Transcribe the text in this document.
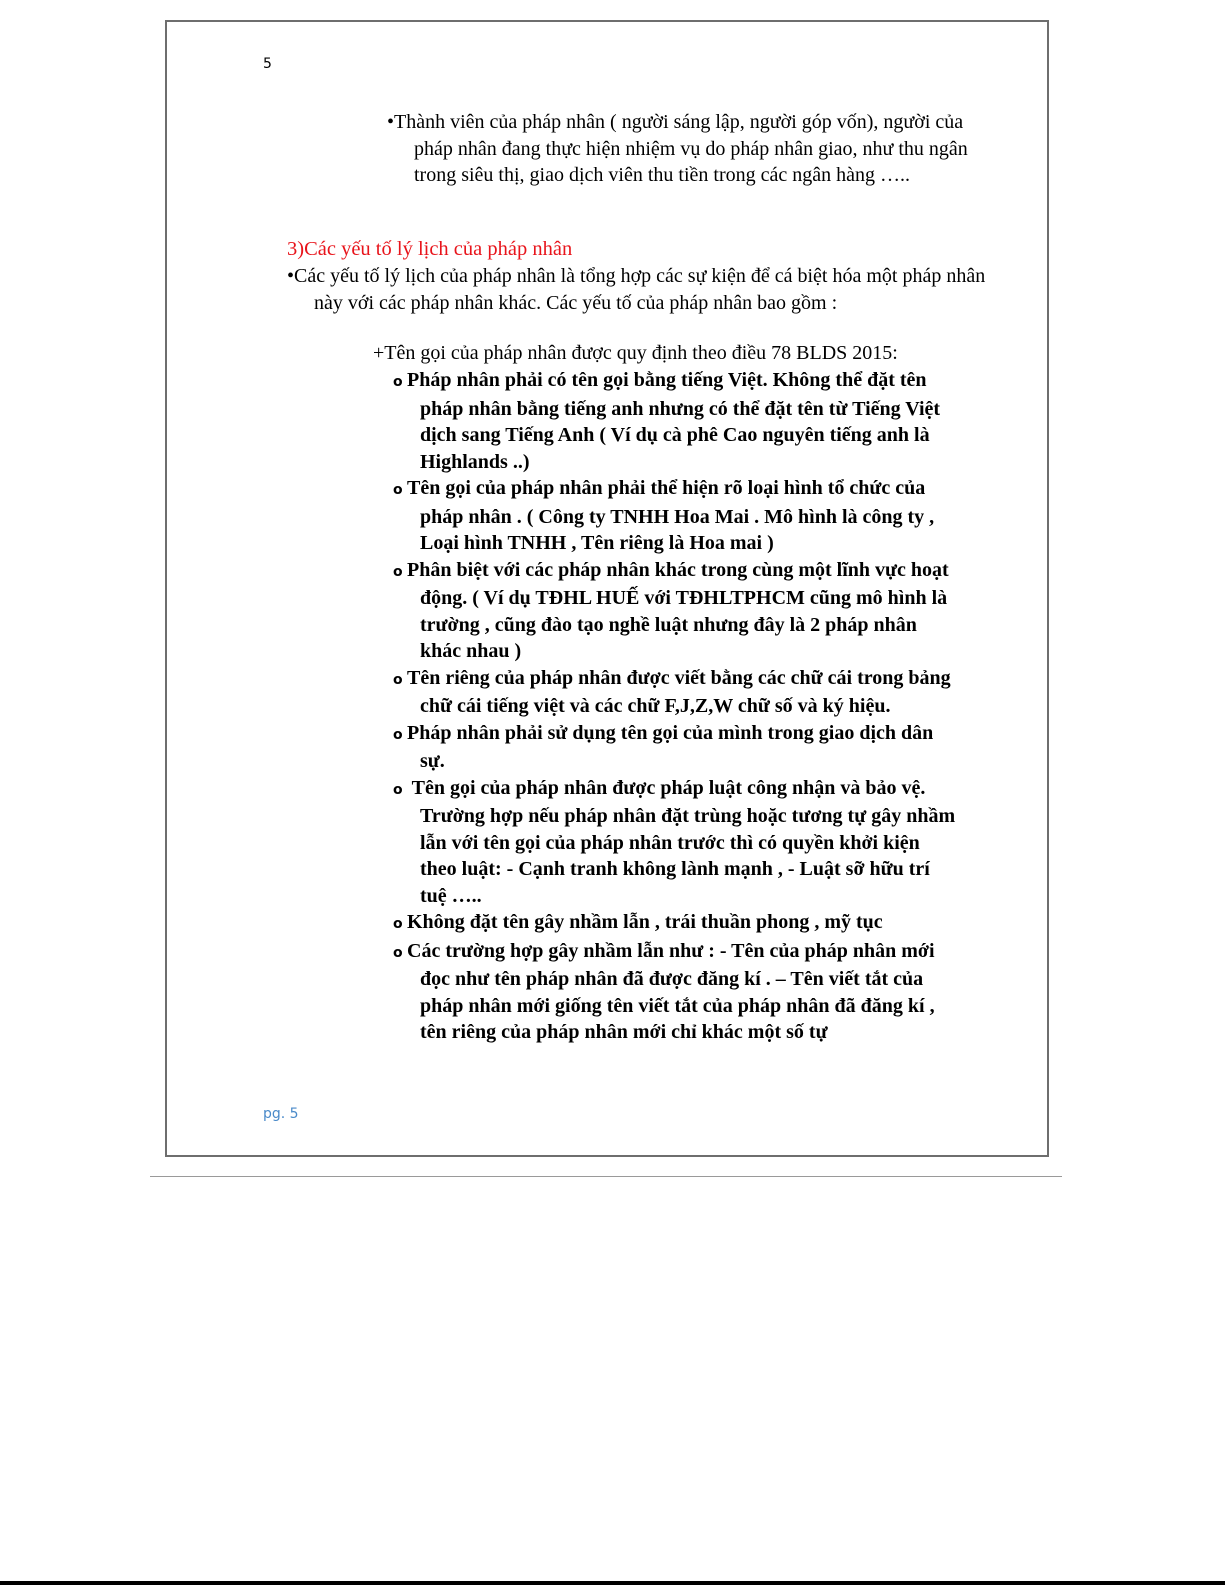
5
•Thành viên của pháp nhân ( người sáng lập, người góp vốn), người của pháp nhân đang thực hiện nhiệm vụ do pháp nhân giao, như thu ngân trong siêu thị, giao dịch viên thu tiền trong các ngân hàng …..
3)Các yếu tố lý lịch của pháp nhân
•Các yếu tố lý lịch của pháp nhân là tổng hợp các sự kiện để cá biệt hóa một pháp nhân này với các pháp nhân khác. Các yếu tố của pháp nhân bao gồm :
+Tên gọi của pháp nhân được quy định theo điều 78 BLDS 2015:

o Pháp nhân phải có tên gọi bằng tiếng Việt. Không thể đặt tên pháp nhân bằng tiếng anh nhưng có thể đặt tên từ Tiếng Việt dịch sang Tiếng Anh ( Ví dụ cà phê Cao nguyên tiếng anh là Highlands ..)

o Tên gọi của pháp nhân phải thể hiện rõ loại hình tổ chức của pháp nhân . ( Công ty TNHH Hoa Mai . Mô hình là công ty , Loại hình TNHH , Tên riêng là Hoa mai )

o Phân biệt với các pháp nhân khác trong cùng một lĩnh vực hoạt động. ( Ví dụ TĐHL HUẾ với TĐHLTPHCM cũng mô hình là trường , cũng đào tạo nghề luật nhưng đây là 2 pháp nhân khác nhau )

o Tên riêng của pháp nhân được viết bằng các chữ cái trong bảng chữ cái tiếng việt và các chữ F,J,Z,W chữ số và ký hiệu.

o Pháp nhân phải sử dụng tên gọi của mình trong giao dịch dân sự.

o Tên gọi của pháp nhân được pháp luật công nhận và bảo vệ. Trường hợp nếu pháp nhân đặt trùng hoặc tương tự gây nhầm lẫn với tên gọi của pháp nhân trước thì có quyền khởi kiện theo luật: - Cạnh tranh không lành mạnh , - Luật sỡ hữu trí tuệ …..

o Không đặt tên gây nhầm lẫn , trái thuần phong , mỹ tục

o Các trường hợp gây nhầm lẫn như : - Tên của pháp nhân mới đọc như tên pháp nhân đã được đăng kí . – Tên viết tắt của pháp nhân mới giống tên viết tắt của pháp nhân đã đăng kí , tên riêng của pháp nhân mới chỉ khác một số tự

pg. 5
